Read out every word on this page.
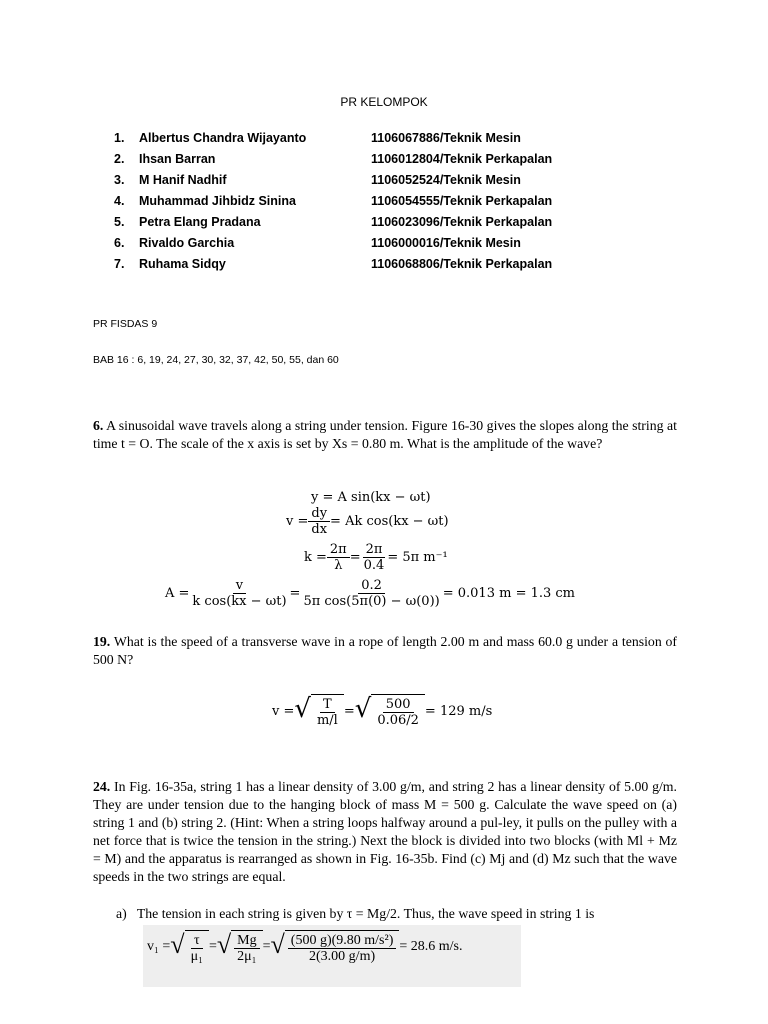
PR KELOMPOK
1.	Albertus Chandra Wijayanto	1106067886/Teknik Mesin
2.	Ihsan Barran	1106012804/Teknik Perkapalan
3.	M Hanif Nadhif	1106052524/Teknik Mesin
4.	Muhammad Jihbidz Sinina	1106054555/Teknik Perkapalan
5.	Petra Elang Pradana	1106023096/Teknik Perkapalan
6.	Rivaldo Garchia	1106000016/Teknik Mesin
7.	Ruhama Sidqy	1106068806/Teknik Perkapalan
PR FISDAS 9
BAB 16 : 6, 19, 24, 27, 30, 32, 37, 42, 50, 55, dan 60
6. A sinusoidal wave travels along a string under tension. Figure 16-30 gives the slopes along the string at time t = O. The scale of the x axis is set by Xs = 0.80 m. What is the amplitude of the wave?
y = A sin(kx − ωt)
$v = \frac{dy}{dx} = Ak$ cos(kx − ωt)
$k = \frac{2\pi}{\lambda} = \frac{2\pi}{0.4} = 5\pi$ m⁻¹
$A = \frac{v}{\text{k cos(kx − ωt)}} = \frac{0.2}{\text{5π cos(5π(0) − ω(0))}} = 0.013$ m = 1.3 cm
19. What is the speed of a transverse wave in a rope of length 2.00 m and mass 60.0 g under a tension of 500 N?
v = √ $\frac{T}{m/l}$ = √ $\frac{500}{0.06/2} = 129$ m/s
24. In Fig. 16-35a, string 1 has a linear density of 3.00 g/m, and string 2 has a linear density of 5.00 g/m. They are under tension due to the hanging block of mass M = 500 g. Calculate the wave speed on (a) string 1 and (b) string 2. (Hint: When a string loops halfway around a pul-ley, it pulls on the pulley with a net force that is twice the tension in the string.) Next the block is divided into two blocks (with Ml + Mz = M) and the apparatus is rearranged as shown in Fig. 16-35b. Find (c) Mj and (d) Mz such that the wave speeds in the two strings are equal.
a) The tension in each string is given by τ = Mg/2. Thus, the wave speed in string 1 is
v₁ = √ $\frac{\tau}{\text{μ₁}}$ = √ $\frac{Mg}{\text{2μ₁}}$ = √ $\frac{\text{(500 g)(9.80 m/s²)}}{2(3.00 g/m)} = 28.6$ m/s.
